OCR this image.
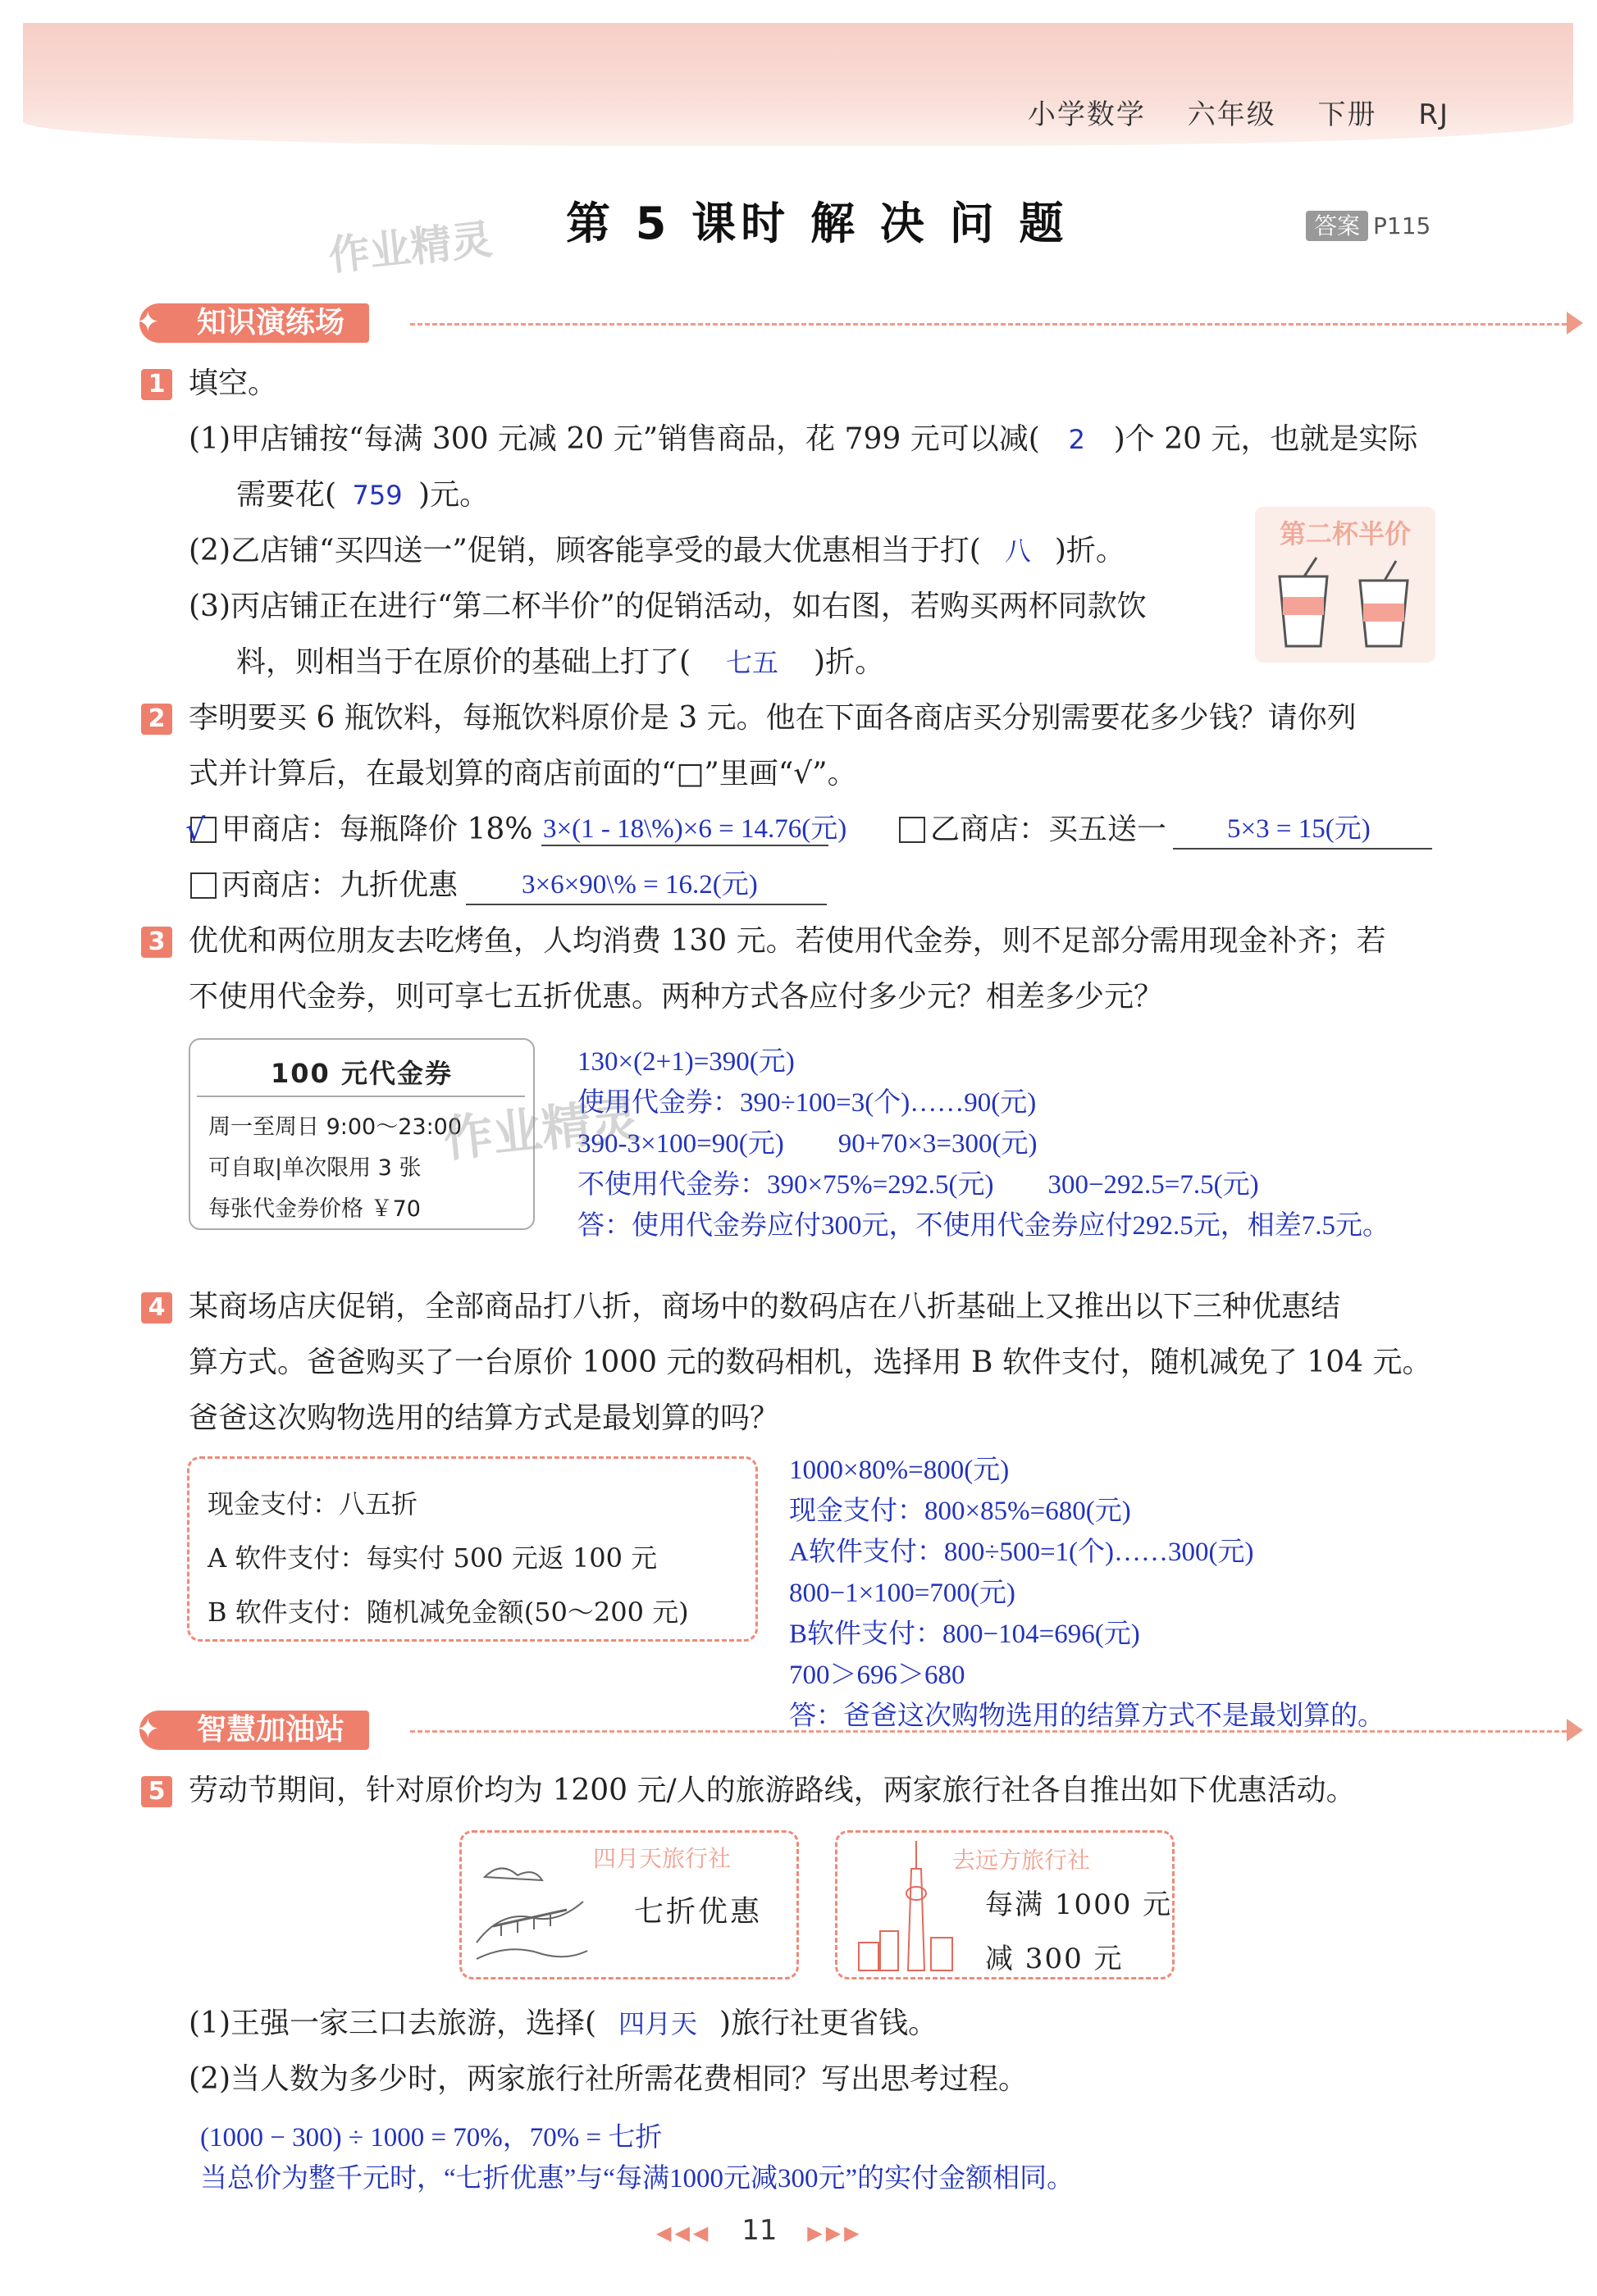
小学数学 六年级 下册 RJ
作业精灵 第 5 课时 解 决 问 题	答案 P115
知识演练场
✦
1 填空。
(1)甲店铺按“每满 300 元减 20 元”销售商品，花 799 元可以减( 2 )个 20 元，也就是实际
需要花( 759 )元。
(2)乙店铺“买四送一”促销，顾客能享受的最大优惠相当于打( 八 )折。
(3)丙店铺正在进行“第二杯半价”的促销活动，如右图，若购买两杯同款饮
料，则相当于在原价的基础上打了( 七五 )折。
第二杯半价
2 李明要买 6 瓶饮料，每瓶饮料原价是 3 元。他在下面各商店买分别需要花多少钱？请你列
式并计算后，在最划算的商店前面的“□”里画“√”。
√ 甲商店：每瓶降价 18% 3×(1 - 18\%)×6 = 14.76(元)	乙商店：买五送一 5×3 = 15(元)
丙商店：九折优惠 3×6×90\% = 16.2(元)
3 优优和两位朋友去吃烤鱼，人均消费 130 元。若使用代金券，则不足部分需用现金补齐；若
不使用代金券，则可享七五折优惠。两种方式各应付多少元？相差多少元？
100 元代金券
周一至周日 9:00～23:00
可自取|单次限用 3 张
每张代金券价格 ￥70
作业精灵
130×(2+1)=390(元)
使用代金券：390÷100=3(个)……90(元)
390-3×100=90(元)        90+70×3=300(元)
不使用代金券：390×75%=292.5(元)        300−292.5=7.5(元)
答：使用代金券应付300元，不使用代金券应付292.5元，相差7.5元。
4 某商场店庆促销，全部商品打八折，商场中的数码店在八折基础上又推出以下三种优惠结
算方式。爸爸购买了一台原价 1000 元的数码相机，选择用 B 软件支付，随机减免了 104 元。
爸爸这次购物选用的结算方式是最划算的吗？
现金支付：八五折
A 软件支付：每实付 500 元返 100 元
B 软件支付：随机减免金额(50～200 元)
1000×80%=800(元)
现金支付：800×85%=680(元)
A软件支付：800÷500=1(个)……300(元)
800−1×100=700(元)
B软件支付：800−104=696(元)
700＞696＞680
答：爸爸这次购物选用的结算方式不是最划算的。
智慧加油站
✦
5 劳动节期间，针对原价均为 1200 元/人的旅游路线，两家旅行社各自推出如下优惠活动。
四月天旅行社
七折优惠
去远方旅行社
每满 1000 元
减 300 元
(1)王强一家三口去旅游，选择( 四月天 )旅行社更省钱。
(2)当人数为多少时，两家旅行社所需花费相同？写出思考过程。
(1000 − 300) ÷ 1000 = 70%，70% = 七折
当总价为整千元时，“七折优惠”与“每满1000元减300元”的实付金额相同。
◀◀◀ 11 ▶▶▶
